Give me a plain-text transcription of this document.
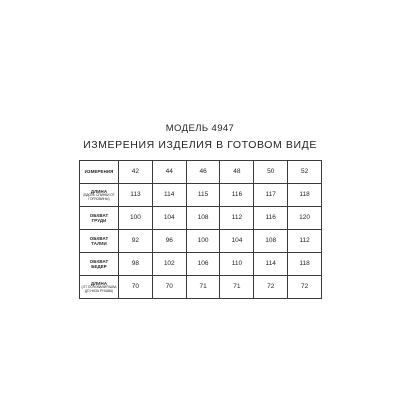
МОДЕЛЬ 4947
ИЗМЕРЕНИЯ ИЗДЕЛИЯ В ГОТОВОМ ВИДЕ
ИЗМЕРЕНИЯ	42	44	46	48	50	52

ДЛИНА
(ВДОЛЬ СПИНКИ ОТ ГОРЛОВИНЫ)	113	114	115	116	117	118

ОБХВАТ
ГРУДИ	100	104	108	112	116	120

ОБХВАТ
ТАЛИИ	92	96	100	104	108	112

ОБХВАТ
БЕДЕР	98	102	106	110	114	118

ДЛИНА
(ОТ ОСНОВАНИЯ ШВА ДО НИЗА РУКАВА)	70	70	71	71	72	72
